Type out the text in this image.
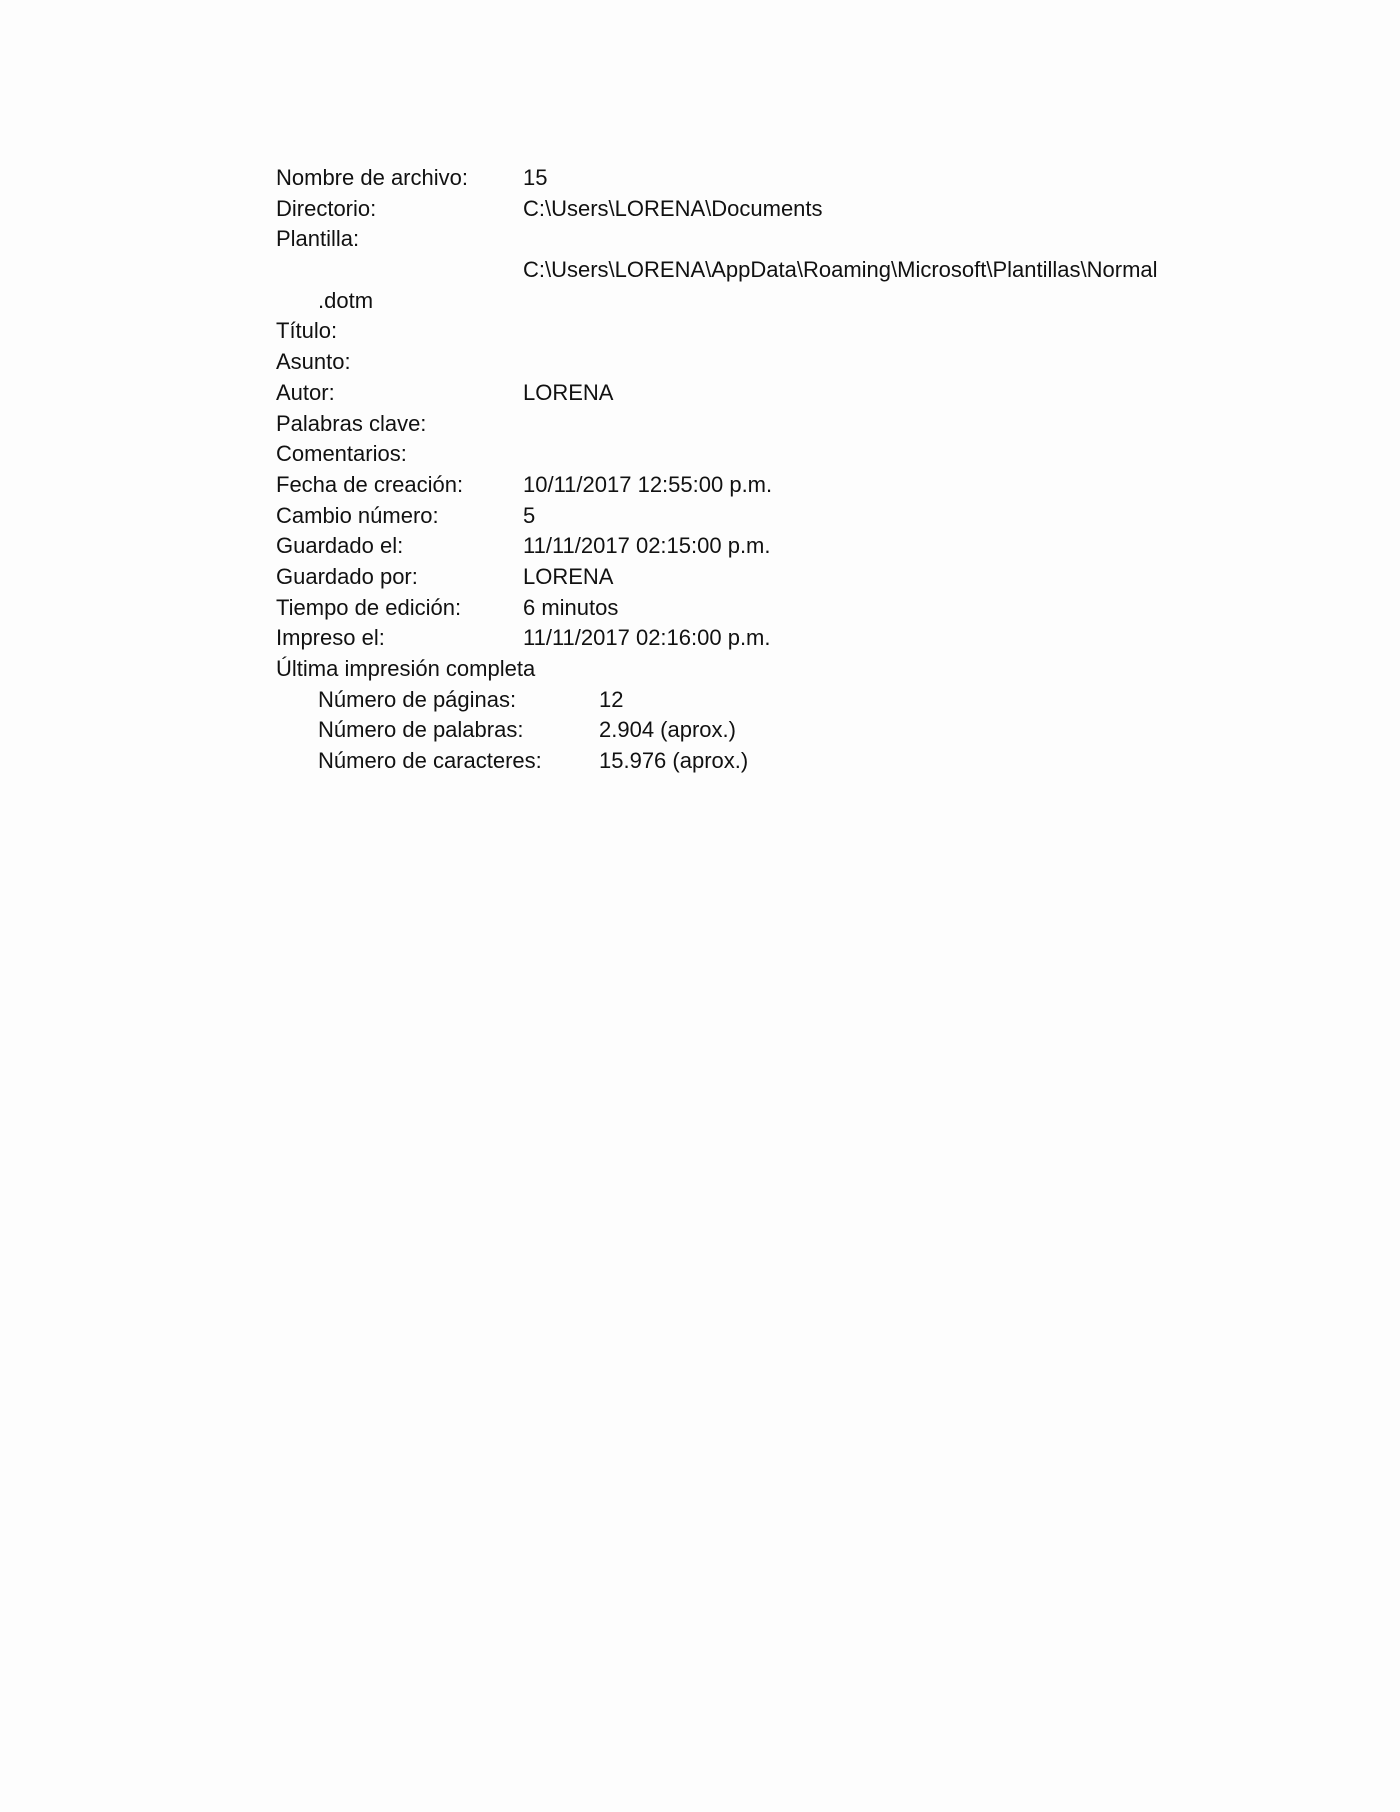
Nombre de archivo:	15
Directorio:	C:\Users\LORENA\Documents
Plantilla:
C:\Users\LORENA\AppData\Roaming\Microsoft\Plantillas\Normal
.dotm
Título:
Asunto:
Autor:	LORENA
Palabras clave:
Comentarios:
Fecha de creación:	10/11/2017 12:55:00 p.m.
Cambio número:	5
Guardado el:	11/11/2017 02:15:00 p.m.
Guardado por:	LORENA
Tiempo de edición:	6 minutos
Impreso el:	11/11/2017 02:16:00 p.m.
Última impresión completa
Número de páginas:	12
Número de palabras:	2.904 (aprox.)
Número de caracteres:	15.976 (aprox.)
